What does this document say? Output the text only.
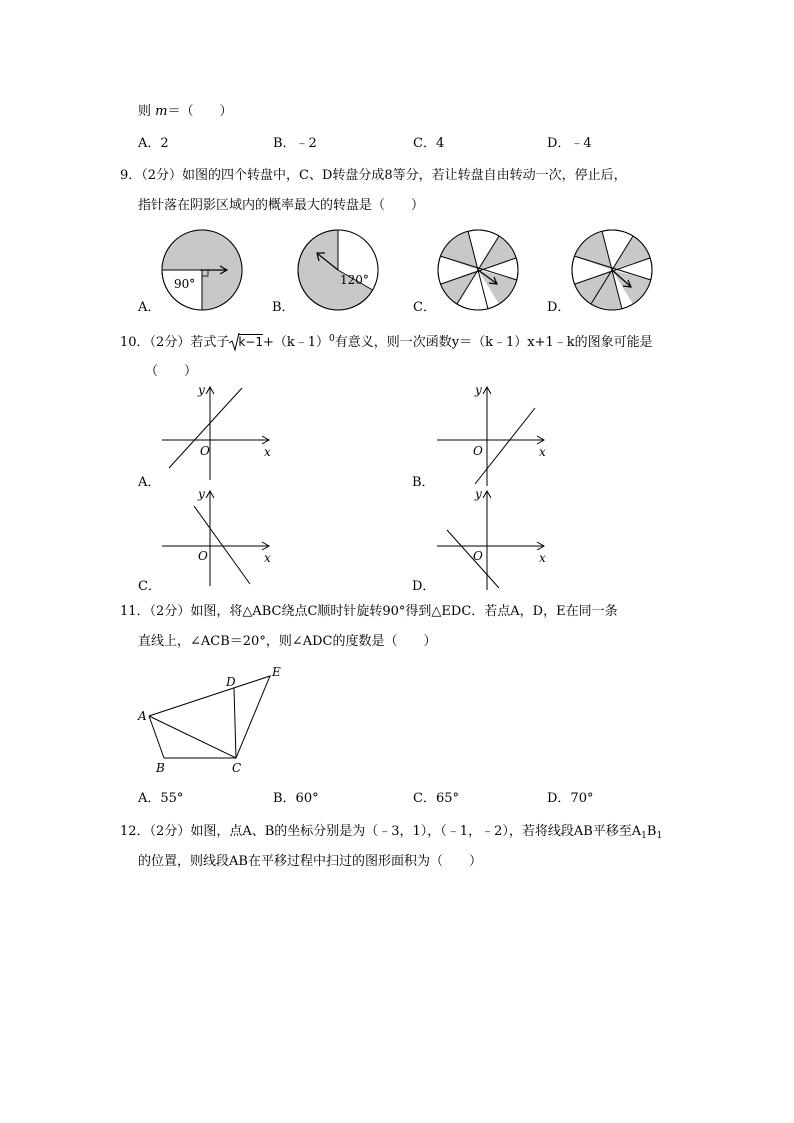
则 m＝（　　）
A．2	B．﹣2	C．4	D．﹣4
9．（2分）如图的四个转盘中，C、D转盘分成8等分，若让转盘自由转动一次，停止后，
指针落在阴影区域内的概率最大的转盘是（　　）
90°
A．
120°
B．	C．	D．
10．（2分）若式子 k−1+（k﹣1）$^0$有意义，则一次函数y＝（k﹣1）x+1﹣k的图象可能是
（　　）
O	x
y
A．
O	x
y
B．
O	x
y
C．
O	x
y
D．
11．（2分）如图，将△ABC绕点C顺时针旋转90°得到△EDC．若点A，D，E在同一条
直线上，∠ACB＝20°，则∠ADC的度数是（　　）
A
B	C
D
E
A．55°	B．60°	C．65°	D．70°
12．（2分）如图，点A、B的坐标分别是为（﹣3，1），（﹣1，﹣2），若将线段AB平移至$A_1B_1$
的位置，则线段AB在平移过程中扫过的图形面积为（　　）
